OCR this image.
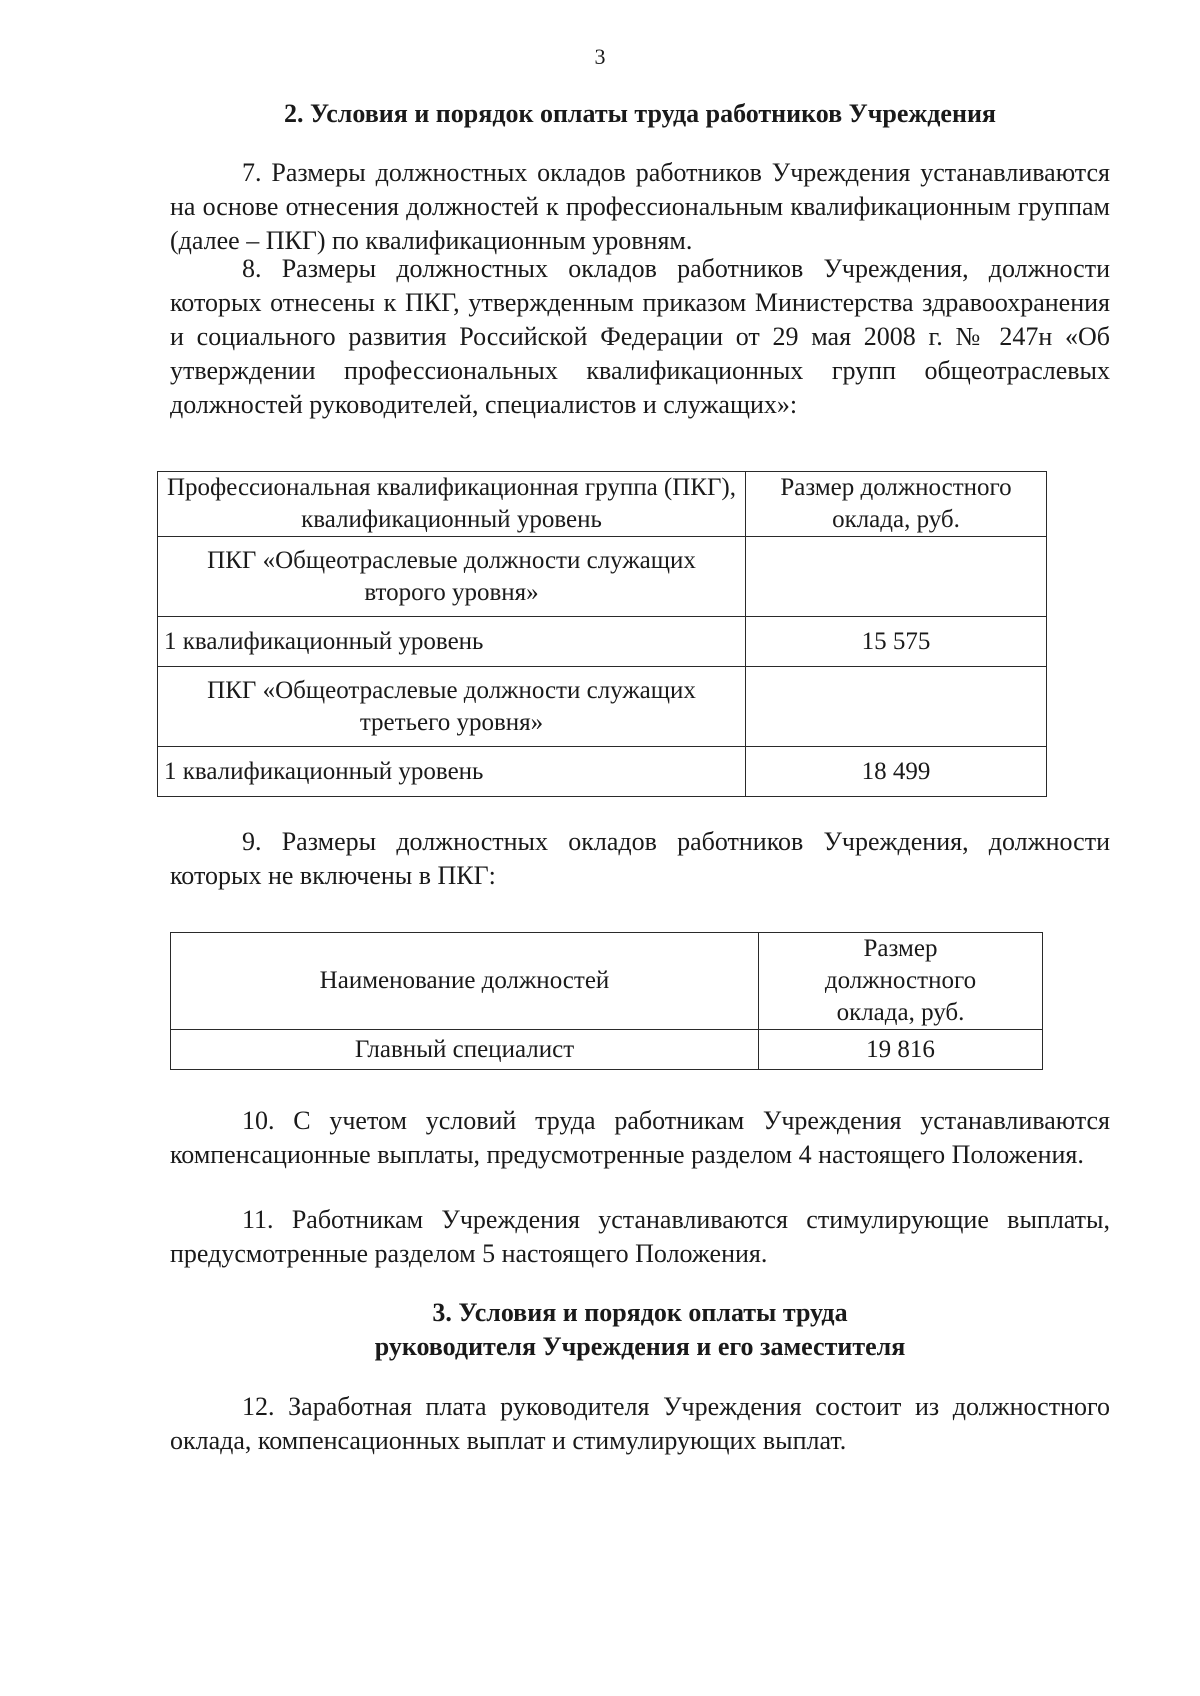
3
2. Условия и порядок оплаты труда работников Учреждения
7. Размеры должностных окладов работников Учреждения устанавливаются на основе отнесения должностей к профессиональным квалификационным группам (далее – ПКГ) по квалификационным уровням.
8. Размеры должностных окладов работников Учреждения, должности которых отнесены к ПКГ, утвержденным приказом Министерства здравоохранения и социального развития Российской Федерации от 29 мая 2008 г. № 247н «Об утверждении профессиональных квалификационных групп общеотраслевых должностей руководителей, специалистов и служащих»:
Профессиональная квалификационная группа (ПКГ), квалификационный уровень	Размер должностного оклада, руб.
ПКГ «Общеотраслевые должности служащих второго уровня»	
1 квалификационный уровень	15 575
ПКГ «Общеотраслевые должности служащих третьего уровня»	
1 квалификационный уровень	18 499
9. Размеры должностных окладов работников Учреждения, должности которых не включены в ПКГ:
Наименование должностей	Размер должностного оклада, руб.
Главный специалист	19 816
10. С учетом условий труда работникам Учреждения устанавливаются компенсационные выплаты, предусмотренные разделом 4 настоящего Положения.
11. Работникам Учреждения устанавливаются стимулирующие выплаты, предусмотренные разделом 5 настоящего Положения.
3. Условия и порядок оплаты труда
руководителя Учреждения и его заместителя
12. Заработная плата руководителя Учреждения состоит из должностного оклада, компенсационных выплат и стимулирующих выплат.
